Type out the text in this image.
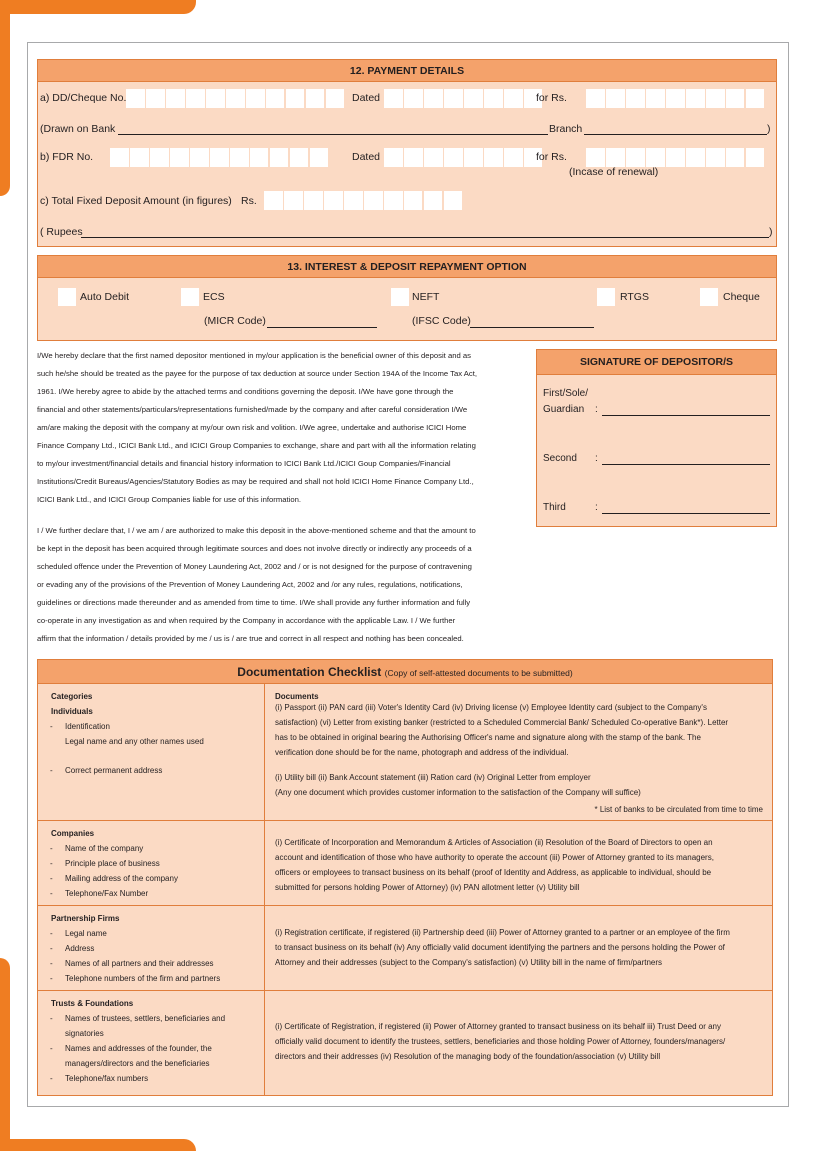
12. PAYMENT DETAILS
a) DD/Cheque No.	Dated	for Rs.
(Drawn on Bank	Branch	)
b) FDR No.	Dated	for Rs.
(Incase of renewal)
c) Total Fixed Deposit Amount (in figures) Rs.
( Rupees	)
13. INTEREST & DEPOSIT REPAYMENT OPTION
Auto Debit	ECS	NEFT	RTGS	Cheque
(MICR Code)	(IFSC Code)
I/We hereby declare that the first named depositor mentioned in my/our application is the beneficial owner of this deposit and as
such he/she should be treated as the payee for the purpose of tax deduction at source under Section 194A of the Income Tax Act,
1961. I/We hereby agree to abide by the attached terms and conditions governing the deposit. I/We have gone through the
financial and other statements/particulars/representations furnished/made by the company and after careful consideration I/We
am/are making the deposit with the company at my/our own risk and volition. I/We agree, undertake and authorise ICICI Home
Finance Company Ltd., ICICI Bank Ltd., and ICICI Group Companies to exchange, share and part with all the information relating
to my/our investment/financial details and financial history information to ICICI Bank Ltd./ICICI Goup Companies/Financial
Institutions/Credit Bureaus/Agencies/Statutory Bodies as may be required and shall not hold ICICI Home Finance Company Ltd.,
ICICI Bank Ltd., and ICICI Group Companies liable for use of this information.
I / We further declare that, I / we am / are authorized to make this deposit in the above-mentioned scheme and that the amount to
be kept in the deposit has been acquired through legitimate sources and does not involve directly or indirectly any proceeds of a
scheduled offence under the Prevention of Money Laundering Act, 2002 and / or is not designed for the purpose of contravening
or evading any of the provisions of the Prevention of Money Laundering Act, 2002 and /or any rules, regulations, notifications,
guidelines or directions made thereunder and as amended from time to time. I/We shall provide any further information and fully
co-operate in any investigation as and when required by the Company in accordance with the applicable Law. I / We further
affirm that the information / details provided by me / us is / are true and correct in all respect and nothing has been concealed.
SIGNATURE OF DEPOSITOR/S
First/Sole/
Guardian :
Second :
Third	:
Documentation Checklist (Copy of self-attested documents to be submitted)
Categories
Individuals
- Identification
Legal name and any other names used
- Correct permanent address
Documents
(i) Passport (ii) PAN card (iii) Voter's Identity Card (iv) Driving license (v) Employee Identity card (subject to the Company's
satisfaction) (vi) Letter from existing banker (restricted to a Scheduled Commercial Bank/ Scheduled Co-operative Bank*). Letter
has to be obtained in original bearing the Authorising Officer's name and signature along with the stamp of the bank. The
verification done should be for the name, photograph and address of the individual.
(i) Utility bill (ii) Bank Account statement (iii) Ration card (iv) Original Letter from employer
(Any one document which provides customer information to the satisfaction of the Company will suffice)
* List of banks to be circulated from time to time
Companies
- Name of the company
- Principle place of business
- Mailing address of the company
- Telephone/Fax Number
(i) Certificate of Incorporation and Memorandum & Articles of Association (ii) Resolution of the Board of Directors to open an
account and identification of those who have authority to operate the account (iii) Power of Attorney granted to its managers,
officers or employees to transact business on its behalf (proof of Identity and Address, as applicable to individual, should be
submitted for persons holding Power of Attorney) (iv) PAN allotment letter (v) Utility bill
Partnership Firms
- Legal name
- Address
- Names of all partners and their addresses
- Telephone numbers of the firm and partners
(i) Registration certificate, if registered (ii) Partnership deed (iii) Power of Attorney granted to a partner or an employee of the firm
to transact business on its behalf (iv) Any officially valid document identifying the partners and the persons holding the Power of
Attorney and their addresses (subject to the Company's satisfaction) (v) Utility bill in the name of firm/partners
Trusts & Foundations
- Names of trustees, settlers, beneficiaries and
signatories
- Names and addresses of the founder, the
managers/directors and the beneficiaries
- Telephone/fax numbers
(i) Certificate of Registration, if registered (ii) Power of Attorney granted to transact business on its behalf iii) Trust Deed or any
officially valid document to identify the trustees, settlers, beneficiaries and those holding Power of Attorney, founders/managers/
directors and their addresses (iv) Resolution of the managing body of the foundation/association (v) Utility bill
